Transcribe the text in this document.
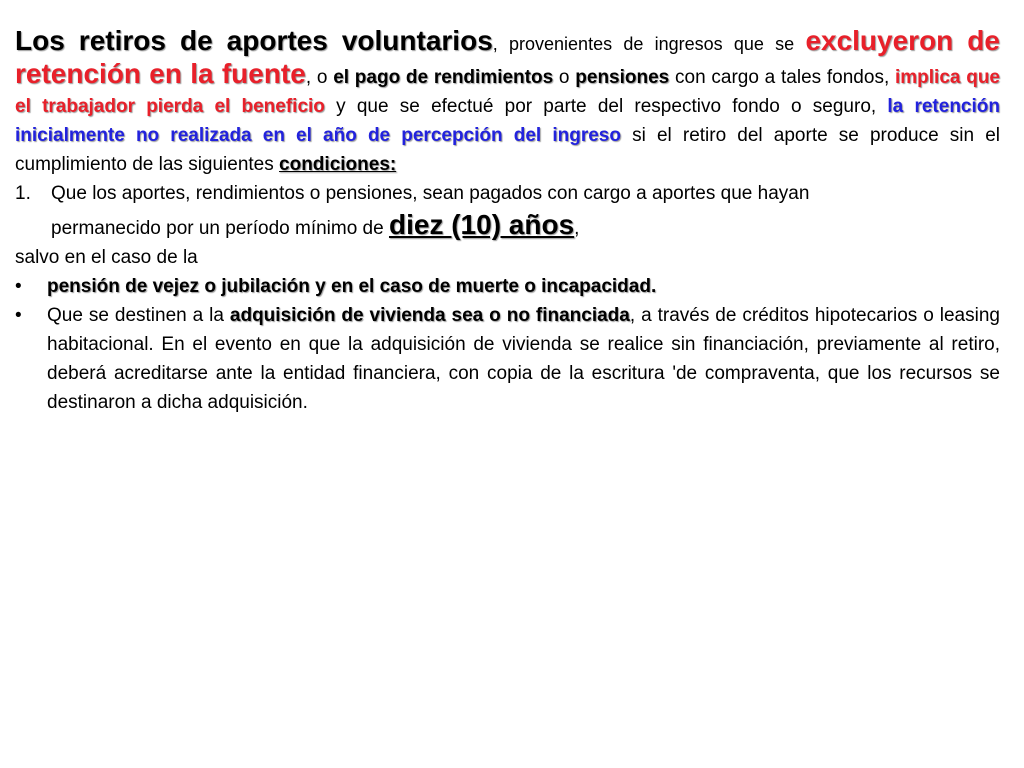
Los retiros de aportes voluntarios, provenientes de ingresos que se excluyeron de retención en la fuente, o el pago de rendimientos o pensiones con cargo a tales fondos, implica que el trabajador pierda el beneficio y que se efectué por parte del respectivo fondo o seguro, la retención inicialmente no realizada en el año de percepción del ingreso si el retiro del aporte se produce sin el cumplimiento de las siguientes condiciones:

1.	Que los aportes, rendimientos o pensiones, sean pagados con cargo a aportes que hayan
permanecido por un período mínimo de diez (10) años,

salvo en el caso de la

•	pensión de vejez o jubilación y en el caso de muerte o incapacidad.
•	Que se destinen a la adquisición de vivienda sea o no financiada, a través de créditos hipotecarios o leasing habitacional. En el evento en que la adquisición de vivienda se realice sin financiación, previamente al retiro, deberá acreditarse ante la entidad financiera, con copia de la escritura 'de compraventa, que los recursos se destinaron a dicha adquisición.
